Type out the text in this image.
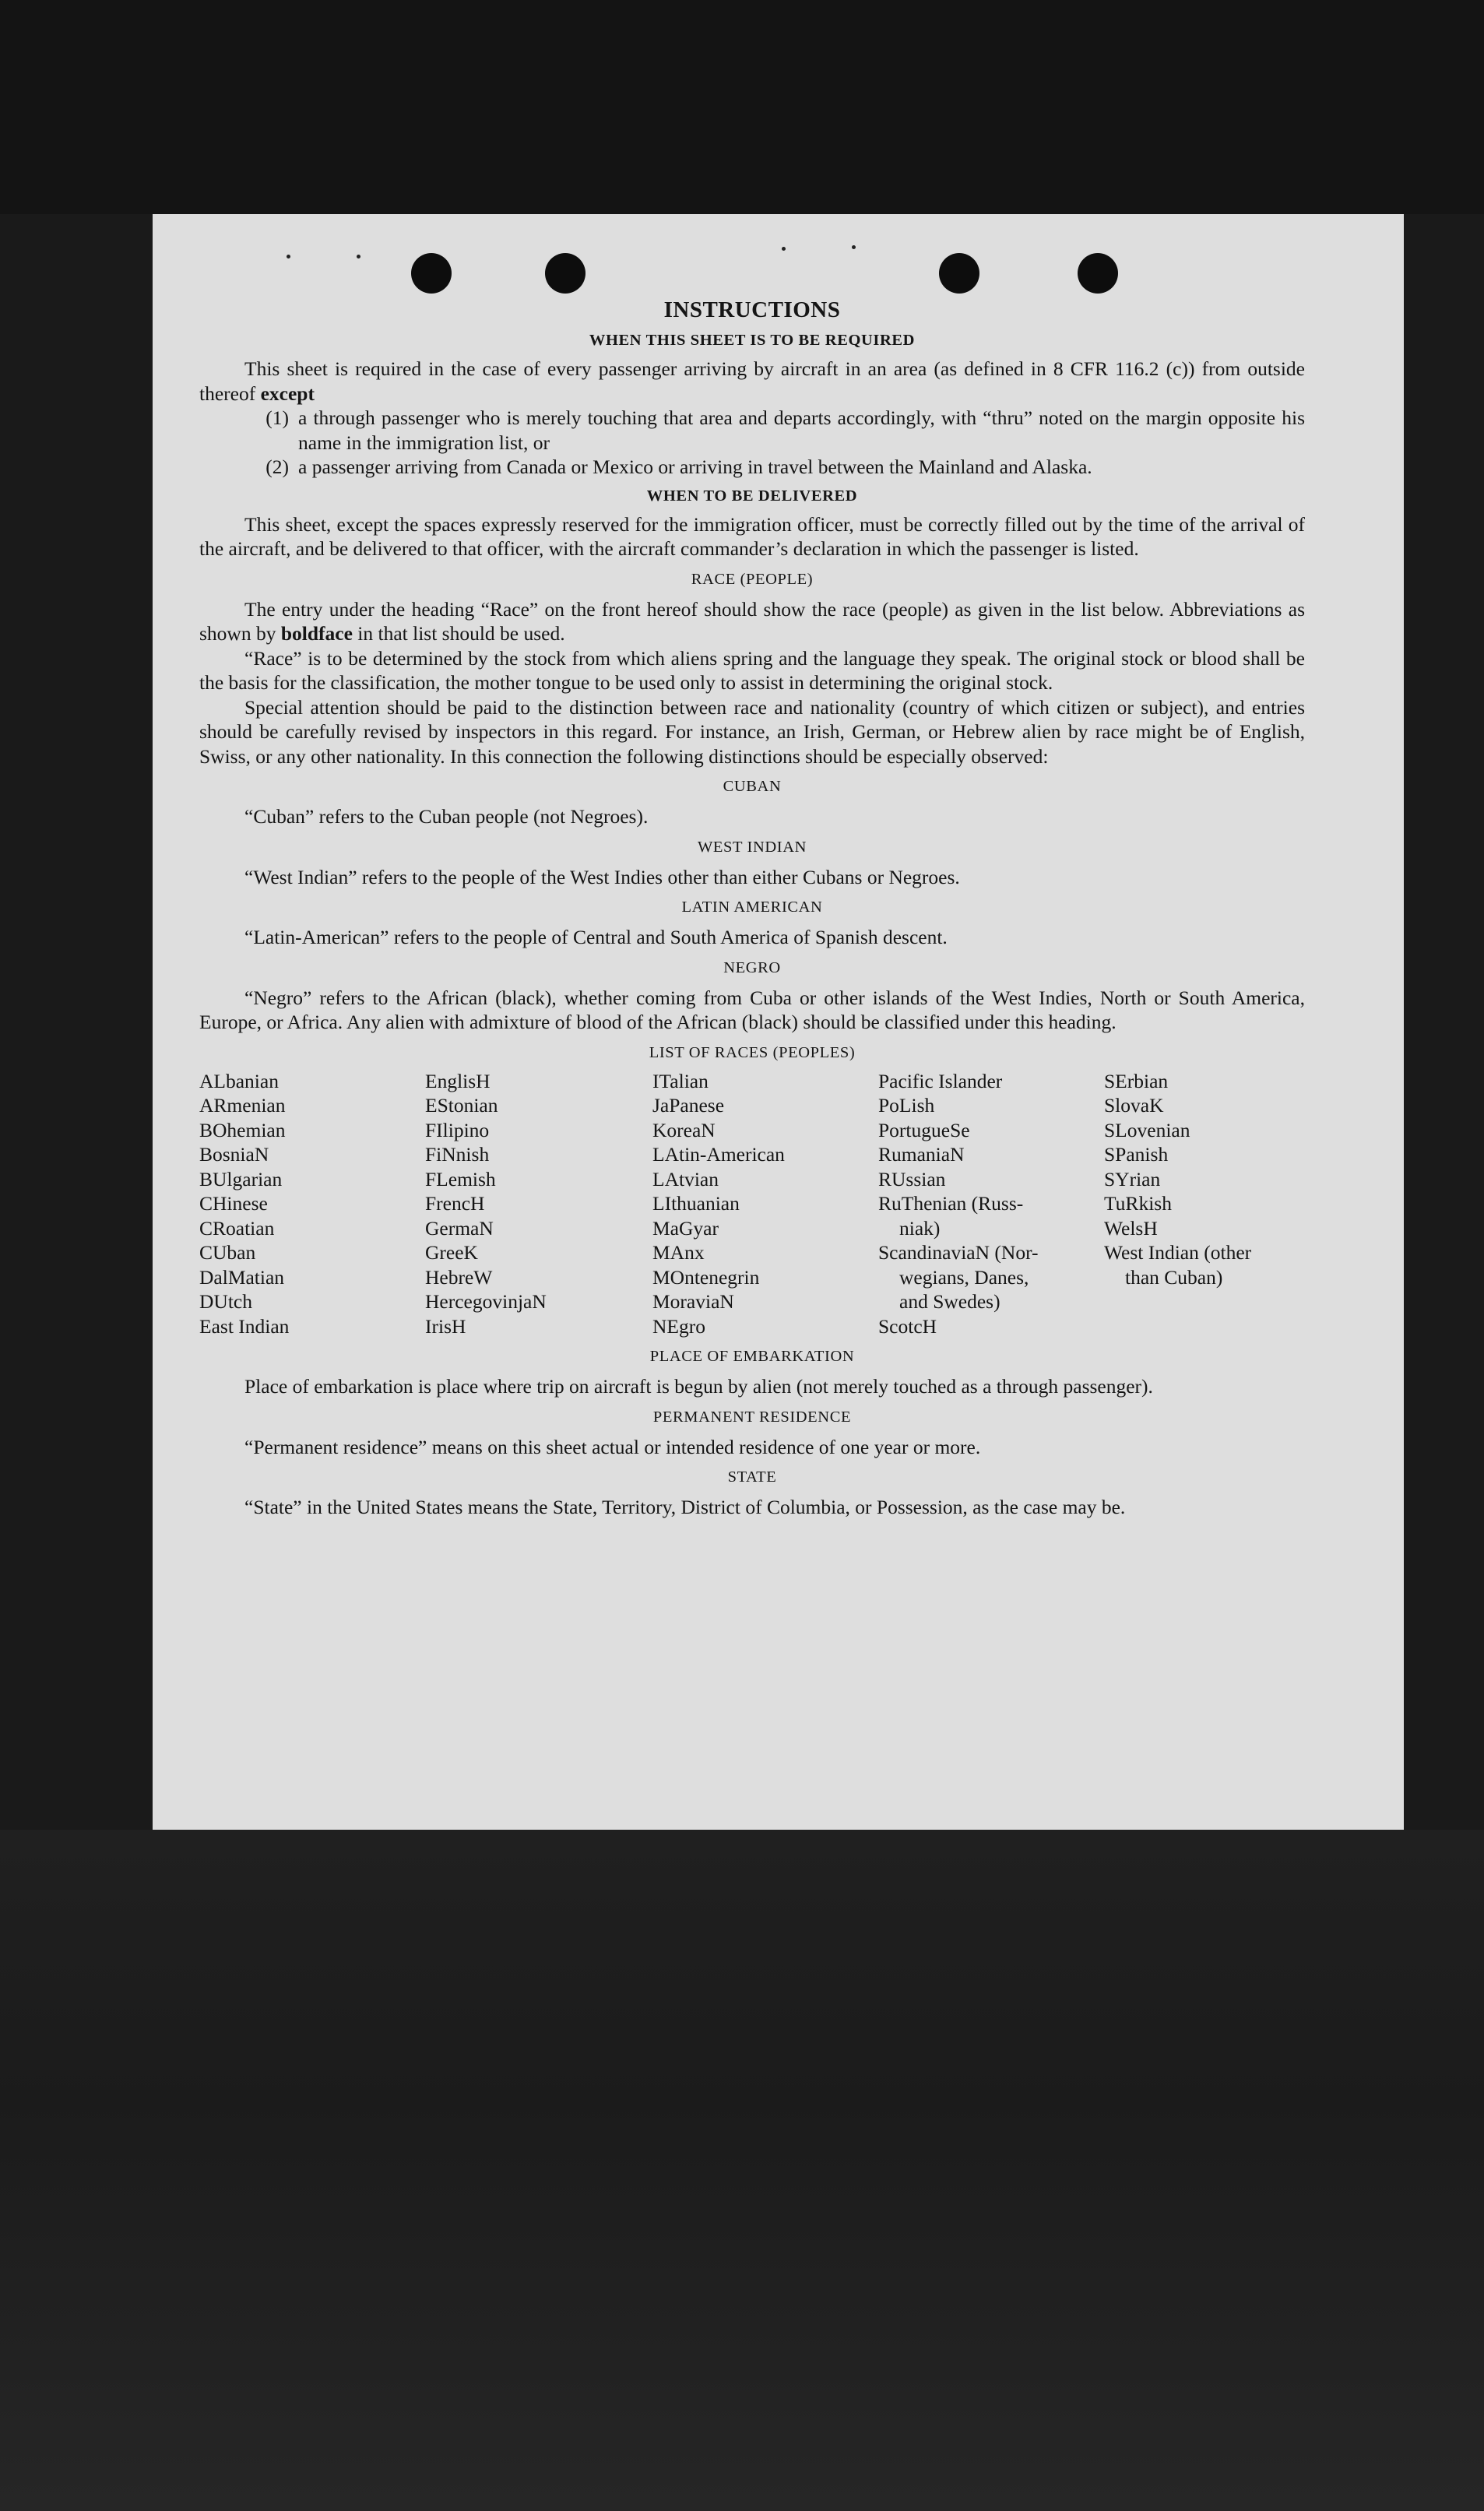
INSTRUCTIONS
WHEN THIS SHEET IS TO BE REQUIRED

This sheet is required in the case of every passenger arriving by aircraft in an area (as defined in 8 CFR 116.2 (c)) from outside thereof except

(1) a through passenger who is merely touching that area and departs accordingly, with “thru” noted on the margin opposite his name in the immigration list, or
(2) a passenger arriving from Canada or Mexico or arriving in travel between the Mainland and Alaska.
WHEN TO BE DELIVERED

This sheet, except the spaces expressly reserved for the immigration officer, must be correctly filled out by the time of the arrival of the aircraft, and be delivered to that officer, with the aircraft commander’s declaration in which the passenger is listed.

RACE (PEOPLE)

The entry under the heading “Race” on the front hereof should show the race (people) as given in the list below. Abbreviations as shown by boldface in that list should be used.

“Race” is to be determined by the stock from which aliens spring and the language they speak. The original stock or blood shall be the basis for the classification, the mother tongue to be used only to assist in determining the original stock.

Special attention should be paid to the distinction between race and nationality (country of which citizen or subject), and entries should be carefully revised by inspectors in this regard. For instance, an Irish, German, or Hebrew alien by race might be of English, Swiss, or any other nationality. In this connection the following distinctions should be especially observed:

CUBAN

“Cuban” refers to the Cuban people (not Negroes).

WEST INDIAN

“West Indian” refers to the people of the West Indies other than either Cubans or Negroes.

LATIN AMERICAN

“Latin-American” refers to the people of Central and South America of Spanish descent.

NEGRO

“Negro” refers to the African (black), whether coming from Cuba or other islands of the West Indies, North or South America, Europe, or Africa. Any alien with admixture of blood of the African (black) should be classified under this heading.

LIST OF RACES (PEOPLES)
ALbanian
ARmenian
BOhemian
BosniaN
BUlgarian
CHinese
CRoatian
CUban
DalMatian
DUtch
East Indian
EnglisH
EStonian
FIlipino
FiNnish
FLemish
FrencH
GermaN
GreeK
HebreW
HercegovinjaN
IrisH
ITalian
JaPanese
KoreaN
LAtin-American
LAtvian
LIthuanian
MaGyar
MAnx
MOntenegrin
MoraviaN
NEgro
Pacific Islander
PoLish
PortugueSe
RumaniaN
RUssian
RuThenian (Russ-
niak)
ScandinaviaN (Nor-
wegians, Danes,
and Swedes)
ScotcH
SErbian
SlovaK
SLovenian
SPanish
SYrian
TuRkish
WelsH
West Indian (other
than Cuban)
PLACE OF EMBARKATION

Place of embarkation is place where trip on aircraft is begun by alien (not merely touched as a through passenger).

PERMANENT RESIDENCE

“Permanent residence” means on this sheet actual or intended residence of one year or more.

STATE

“State” in the United States means the State, Territory, District of Columbia, or Possession, as the case may be.
